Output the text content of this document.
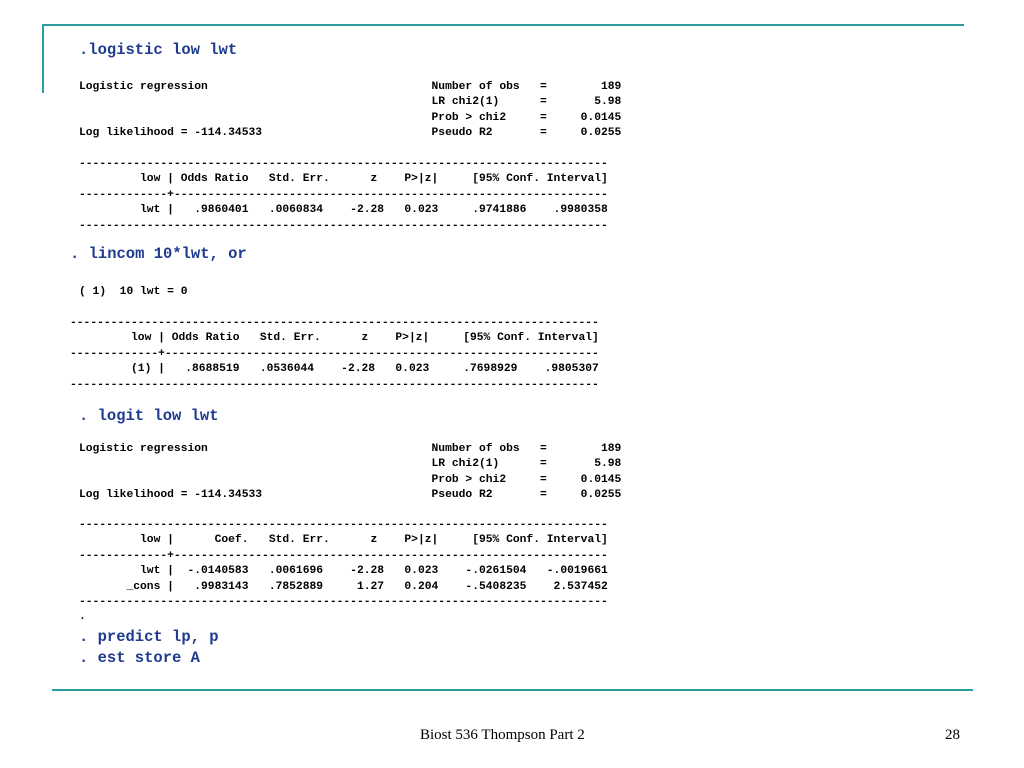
.logistic low lwt
Logistic regression                                 Number of obs   =        189
LR chi2(1)      =       5.98
Prob > chi2     =     0.0145
Log likelihood = -114.34533                         Pseudo R2       =     0.0255
------------------------------------------------------------------------------
low | Odds Ratio   Std. Err.      z    P>|z|     [95% Conf. Interval]
-------------+----------------------------------------------------------------
lwt |   .9860401   .0060834    -2.28   0.023     .9741886    .9980358
------------------------------------------------------------------------------
. lincom 10*lwt, or
( 1)  10 lwt = 0
------------------------------------------------------------------------------
low | Odds Ratio   Std. Err.      z    P>|z|     [95% Conf. Interval]
-------------+----------------------------------------------------------------
(1) |   .8688519   .0536044    -2.28   0.023     .7698929    .9805307
------------------------------------------------------------------------------
. logit low lwt
Logistic regression                                 Number of obs   =        189
LR chi2(1)      =       5.98
Prob > chi2     =     0.0145
Log likelihood = -114.34533                         Pseudo R2       =     0.0255
------------------------------------------------------------------------------
low |      Coef.   Std. Err.      z    P>|z|     [95% Conf. Interval]
-------------+----------------------------------------------------------------
lwt |  -.0140583   .0061696    -2.28   0.023    -.0261504   -.0019661
_cons |   .9983143   .7852889     1.27   0.204    -.5408235    2.537452
------------------------------------------------------------------------------
.
. predict lp, p
. est store A
Biost 536 Thompson Part 2	28
